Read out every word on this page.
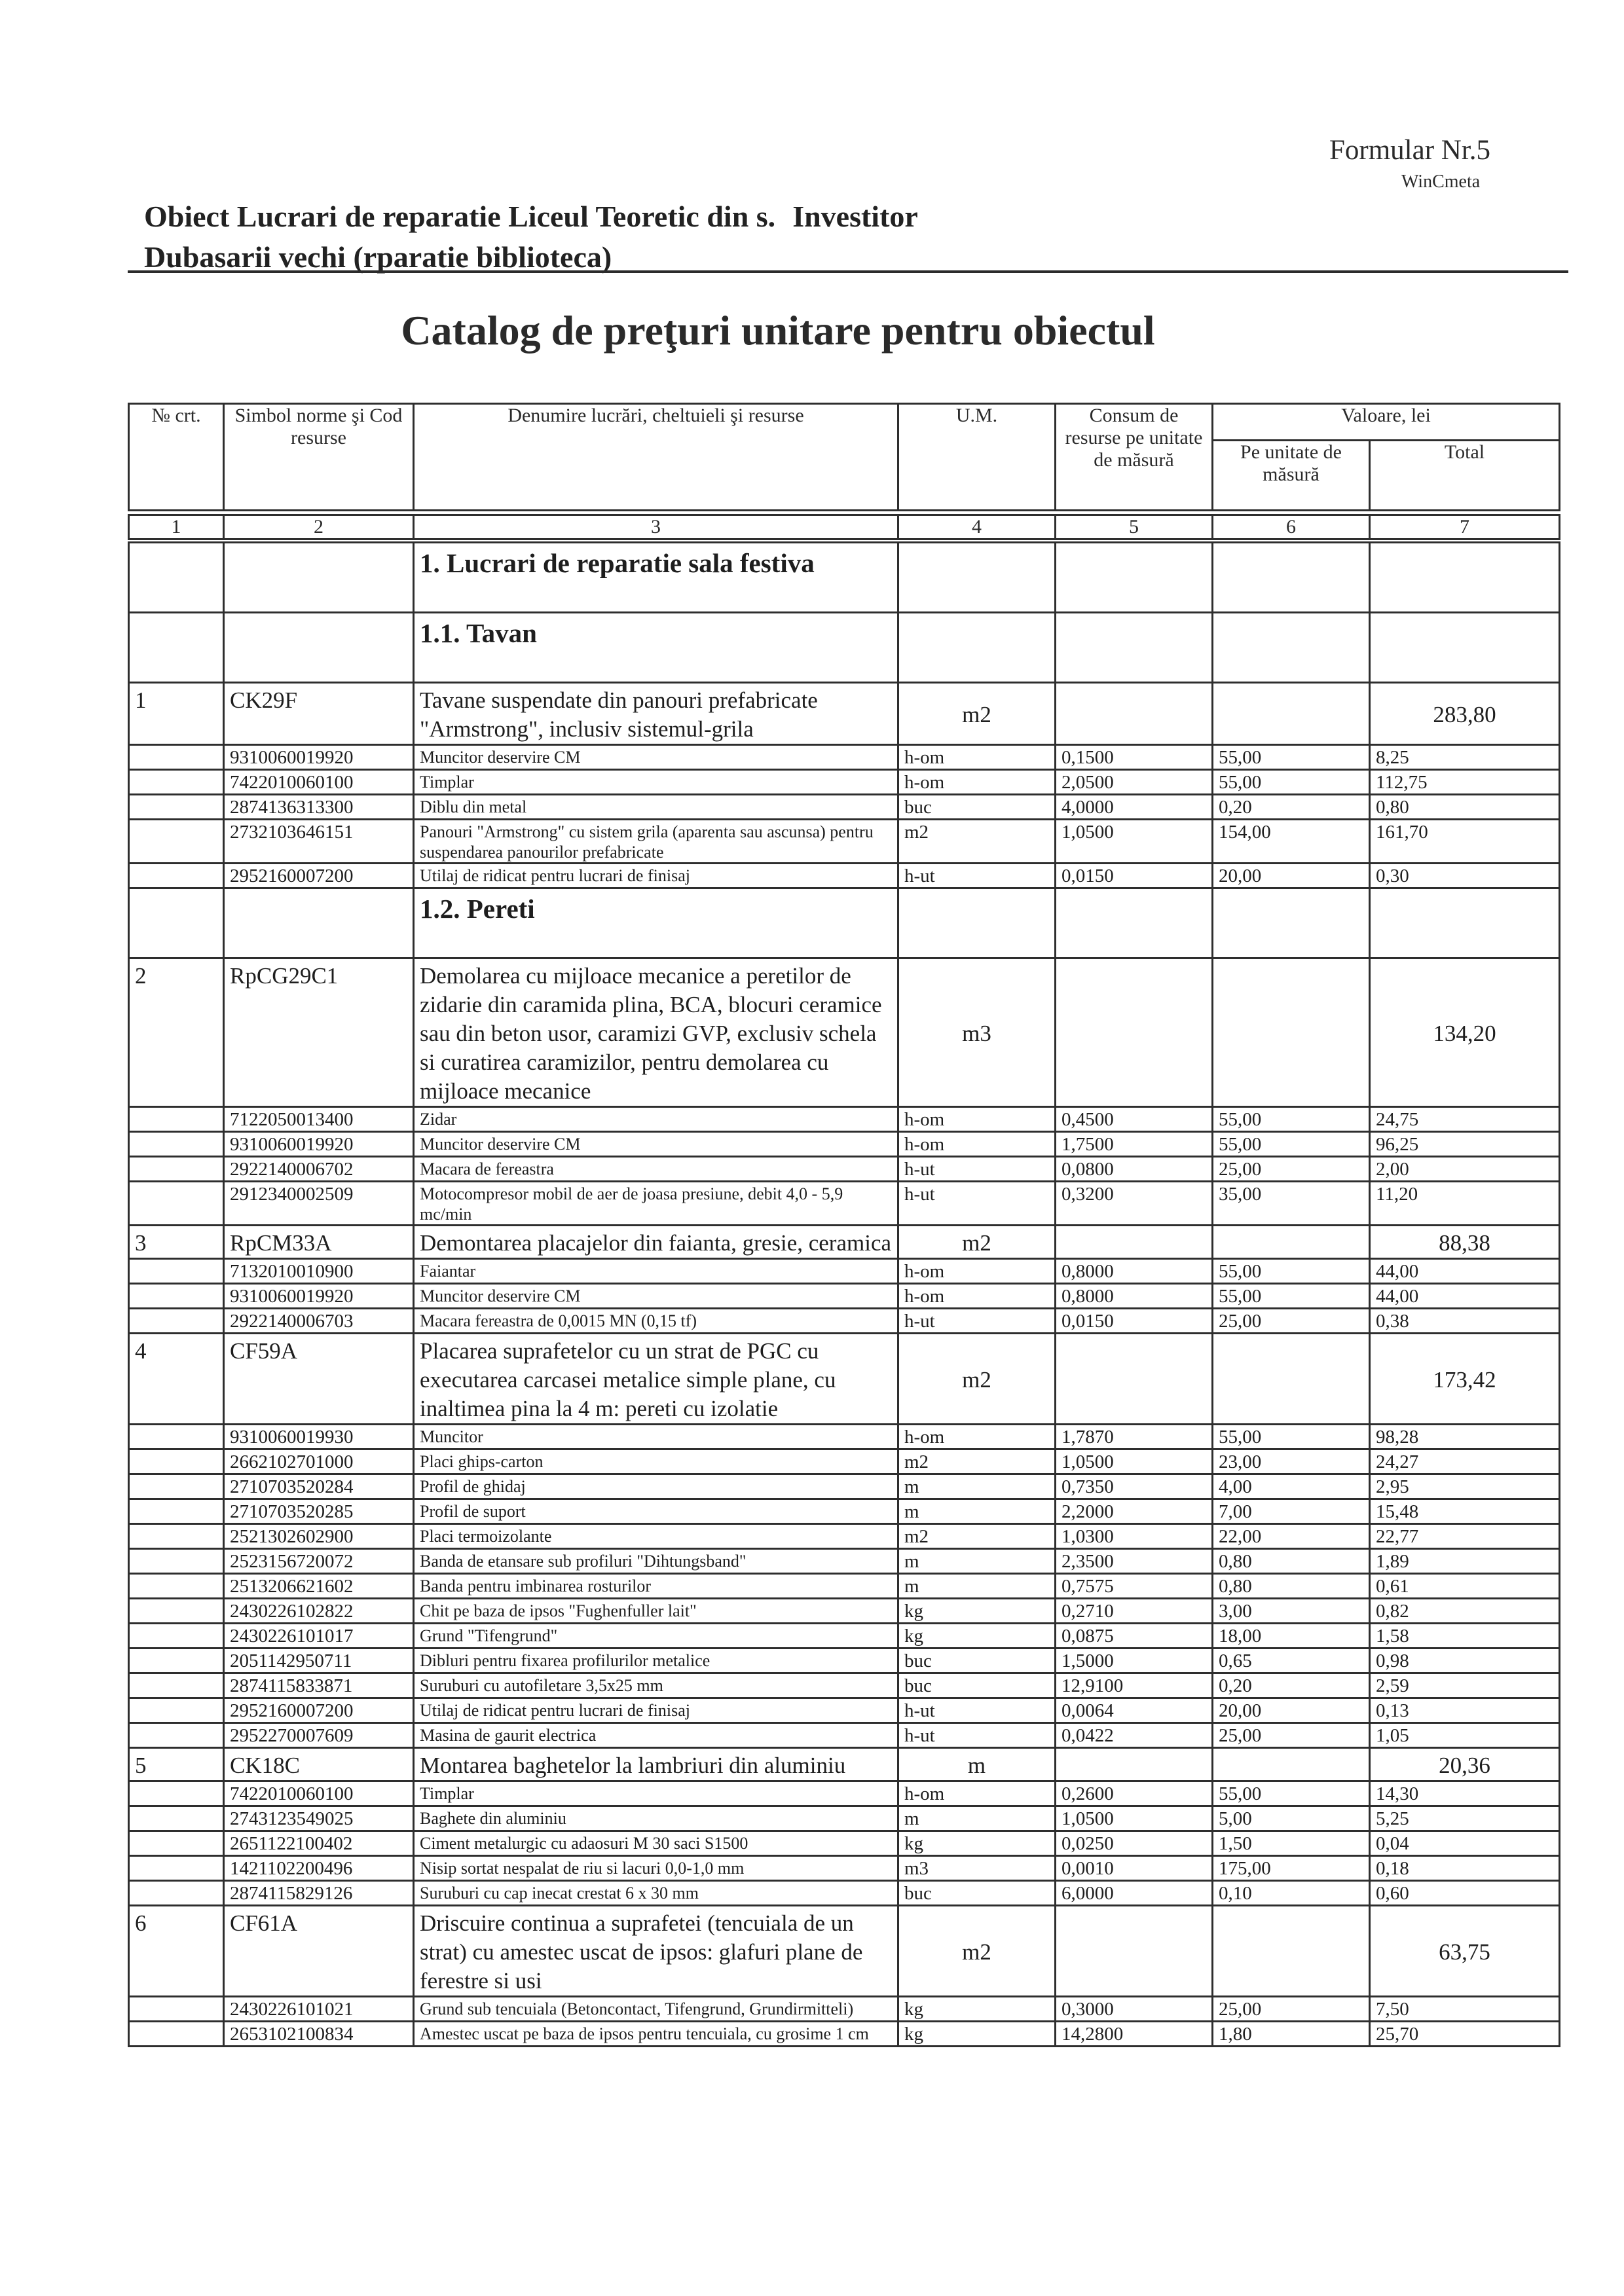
Formular Nr.5
WinCmeta
Obiect Lucrari de reparatie Liceul Teoretic din s. Investitor
Dubasarii vechi (rparatie biblioteca)
Catalog de preţuri unitare pentru obiectul
№ crt.	Simbol norme şi Cod resurse	Denumire lucrări, cheltuieli şi resurse	U.M.	Consum de resurse pe unitate de măsură	Valoare, lei	
					Pe unitate de măsură	Total
1	2	3	4	5	6	7
		1. Lucrari de reparatie sala festiva				
		1.1. Tavan				
1	CK29F	Tavane suspendate din panouri prefabricate "Armstrong", inclusiv sistemul-grila	m2			283,80
	9310060019920	Muncitor deservire CM	h-om	0,1500	55,00	8,25
	7422010060100	Timplar	h-om	2,0500	55,00	112,75
	2874136313300	Diblu din metal	buc	4,0000	0,20	0,80
	2732103646151	Panouri "Armstrong" cu sistem grila (aparenta sau ascunsa) pentru suspendarea panourilor prefabricate	m2	1,0500	154,00	161,70
	2952160007200	Utilaj de ridicat pentru lucrari de finisaj	h-ut	0,0150	20,00	0,30
		1.2. Pereti				
2	RpCG29C1	Demolarea cu mijloace mecanice a peretilor de zidarie din caramida plina, BCA, blocuri ceramice sau din beton usor, caramizi GVP, exclusiv schela si curatirea caramizilor, pentru demolarea cu mijloace mecanice	m3			134,20
	7122050013400	Zidar	h-om	0,4500	55,00	24,75
	9310060019920	Muncitor deservire CM	h-om	1,7500	55,00	96,25
	2922140006702	Macara de fereastra	h-ut	0,0800	25,00	2,00
	2912340002509	Motocompresor mobil de aer de joasa presiune, debit 4,0 - 5,9 mc/min	h-ut	0,3200	35,00	11,20
3	RpCM33A	Demontarea placajelor din faianta, gresie, ceramica	m2			88,38
	7132010010900	Faiantar	h-om	0,8000	55,00	44,00
	9310060019920	Muncitor deservire CM	h-om	0,8000	55,00	44,00
	2922140006703	Macara fereastra de 0,0015 MN (0,15 tf)	h-ut	0,0150	25,00	0,38
4	CF59A	Placarea suprafetelor cu un strat de PGC cu executarea carcasei metalice simple plane, cu inaltimea pina la 4 m: pereti cu izolatie	m2			173,42
	9310060019930	Muncitor	h-om	1,7870	55,00	98,28
	2662102701000	Placi ghips-carton	m2	1,0500	23,00	24,27
	2710703520284	Profil de ghidaj	m	0,7350	4,00	2,95
	2710703520285	Profil de suport	m	2,2000	7,00	15,48
	2521302602900	Placi termoizolante	m2	1,0300	22,00	22,77
	2523156720072	Banda de etansare sub profiluri "Dihtungsband"	m	2,3500	0,80	1,89
	2513206621602	Banda pentru imbinarea rosturilor	m	0,7575	0,80	0,61
	2430226102822	Chit pe baza de ipsos "Fughenfuller lait"	kg	0,2710	3,00	0,82
	2430226101017	Grund "Tifengrund"	kg	0,0875	18,00	1,58
	2051142950711	Dibluri pentru fixarea profilurilor metalice	buc	1,5000	0,65	0,98
	2874115833871	Suruburi cu autofiletare 3,5x25 mm	buc	12,9100	0,20	2,59
	2952160007200	Utilaj de ridicat pentru lucrari de finisaj	h-ut	0,0064	20,00	0,13
	2952270007609	Masina de gaurit electrica	h-ut	0,0422	25,00	1,05
5	CK18C	Montarea baghetelor la lambriuri din aluminiu	m			20,36
	7422010060100	Timplar	h-om	0,2600	55,00	14,30
	2743123549025	Baghete din aluminiu	m	1,0500	5,00	5,25
	2651122100402	Ciment metalurgic cu adaosuri M 30 saci S1500	kg	0,0250	1,50	0,04
	1421102200496	Nisip sortat nespalat de riu si lacuri 0,0-1,0 mm	m3	0,0010	175,00	0,18
	2874115829126	Suruburi cu cap inecat crestat 6 x 30 mm	buc	6,0000	0,10	0,60
6	CF61A	Driscuire continua a suprafetei (tencuiala de un strat) cu amestec uscat de ipsos: glafuri plane de ferestre si usi	m2			63,75
	2430226101021	Grund sub tencuiala (Betoncontact, Tifengrund, Grundirmitteli)	kg	0,3000	25,00	7,50
	2653102100834	Amestec uscat pe baza de ipsos pentru tencuiala, cu grosime 1 cm	kg	14,2800	1,80	25,70
